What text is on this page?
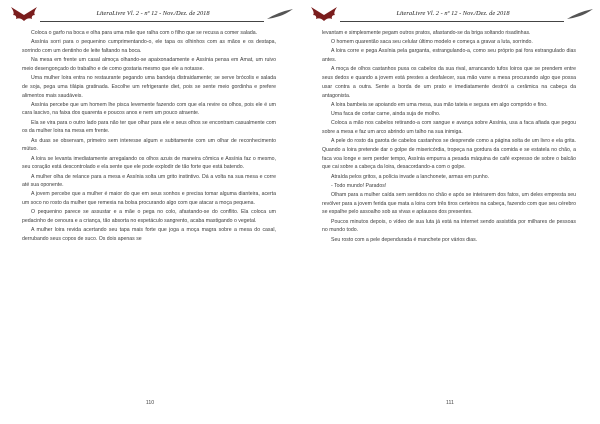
LiteraLivre Vl. 2 - nº 12 - Nov./Dez. de 2018

Coloca o garfo na boca e olha para uma mãe que ralha com o filho que se recusa a comer salada.

Assínia sorri para o pequenino cumprimentando-o, ele tapa os olhinhos com as mãos e os destapa, sorrindo com um dentinho de leite faltando na boca.

Na mesa em frente um casal almoça olhando-se apaixonadamente e Assínia pensa em Amat, um ruivo meio desengonçado do trabalho e de como gostaria mesmo que ele a notasse.

Uma mulher loira entra no restaurante pegando uma bandeja distraidamente; se serve brócolis e salada de soja, pega uma tilápia gratinada. Escolhe um refrigerante diet, pois se sente meio gordinha e prefere alimentos mais saudáveis.

Assínia percebe que um homem lhe pisca levemente fazendo com que ela revire os olhos, pois ele é um cara lascivo, na faixa dos quarenta e poucos anos e nem um pouco atraente.

Ela se vira para o outro lado para não ter que olhar para ele e seus olhos se encontram casualmente com os da mulher loira na mesa em frente.

As duas se observam, primeiro sem interesse algum e subitamente com um olhar de reconhecimento mútuo.

A loira se levanta imediatamente arregalando os olhos azuis de maneira cômica e Assínia faz o mesmo, seu coração está descontrolado e ela sente que ele pode explodir de tão forte que está batendo.

A mulher olha de relance para a mesa e Assínia solta um grito instintivo. Dá a volta na sua mesa e corre até sua oponente.

A jovem percebe que a mulher é maior do que em seus sonhos e precisa tomar alguma dianteira, acerta um soco no rosto da mulher que remexia na bolsa procurando algo com que atacar a moça pequena.

O pequenino parece se assustar e a mãe o pega no colo, afastando-se do conflito. Ela coloca um pedacinho de cenoura e a criança, tão absorta no espetáculo sangrento, acaba mastigando o vegetal.

A mulher loira revida acertando seu tapa mais forte que joga a moça magra sobre a mesa do casal, derrubando seus copos de suco. Os dois apenas se

110
LiteraLivre Vl. 2 - nº 12 - Nov./Dez. de 2018

levantam e simplesmente pegam outros pratos, afastando-se da briga soltando risadinhas.

O homem quarentão saca seu celular último modelo e começa a gravar a luta, sorrindo.

A loira corre e pega Assínia pela garganta, estrangulando-a, como seu próprio pai fora estrangulado dias antes.

A moça de olhos castanhos puxa os cabelos da sua rival, arrancando tufos loiros que se prendem entre seus dedos e quando a jovem está prestes a desfalecer, sua mão varre a mesa procurando algo que possa usar contra a outra. Sente a borda de um prato e imediatamente destrói a cerâmica na cabeça da antagonista.

A loira bambeia se apoiando em uma mesa, sua mão tateia e segura em algo comprido e fino.

Uma faca de cortar carne, ainda suja de molho.

Coloca a mão nos cabelos retirando-a com sangue e avança sobre Assínia, usa a faca afiada que pegou sobre a mesa e faz um arco abrindo um talho na sua inimiga.

A pele do rosto da garota de cabelos castanhos se desprende como a página solta de um livro e ela grita. Quando a loira pretende dar o golpe de misericórdia, tropeça na gordura da comida e se estatela no chão, a faca voa longe e sem perder tempo, Assínia empurra a pesada máquina de café expresso de sobre o balcão que cai sobre a cabeça da loira, desacordando-a com o golpe.

Atraída pelos gritos, a polícia invade a lanchonete, armas em punho.

- Todo mundo! Parados!

Olham para a mulher caída sem sentidos no chão e após se inteirarem dos fatos, um deles empresta seu revólver para a jovem ferida que mata a loira com três tiros certeiros na cabeça, fazendo com que seu cérebro se espalhe pelo assoalho sob as vivas e aplausos dos presentes.

Poucos minutos depois, o vídeo de sua luta já está na internet sendo assistida por milhares de pessoas no mundo todo.

Seu rosto com a pele dependurada é manchete por vários dias.

111
